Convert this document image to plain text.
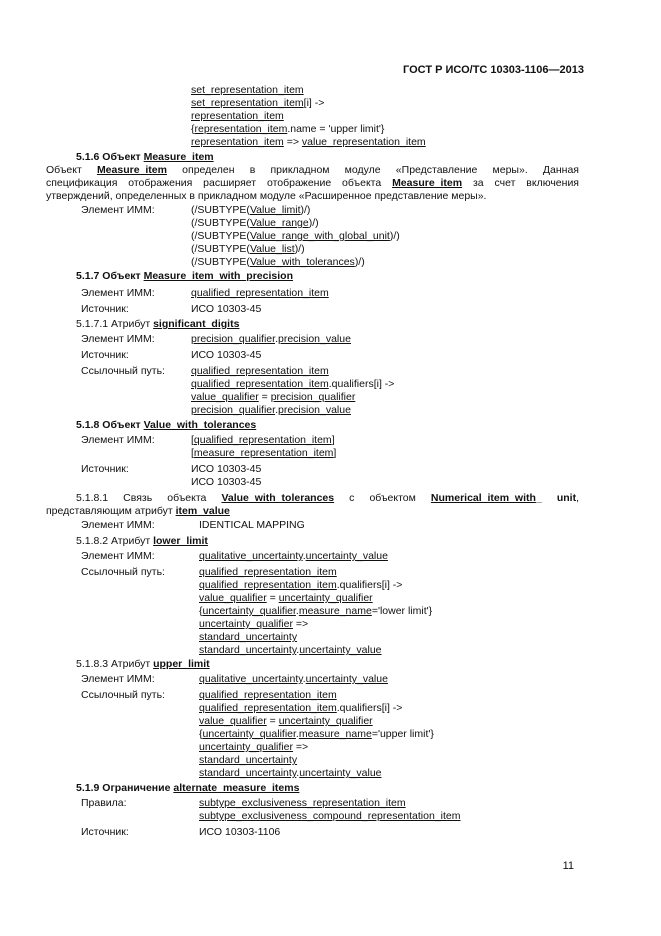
ГОСТ Р ИСО/ТС 10303-1106—2013
set_representation_item
set_representation_item[i] ->
representation_item
{representation_item.name = 'upper limit'}
representation_item => value_representation_item
5.1.6 Объект Measure_item
Объект Measure_item определен в прикладном модуле «Представление меры». Данная
спецификация отображения расширяет отображение объекта Measure_item за счет включения
утверждений, определенных в прикладном модуле «Расширенное представление меры».
Элемент ИММ:	(/SUBTYPE(Value_limit)/)
(/SUBTYPE(Value_range)/)
(/SUBTYPE(Value_range_with_global_unit)/)
(/SUBTYPE(Value_list)/)
(/SUBTYPE(Value_with_tolerances)/)
5.1.7 Объект Measure_item_with_precision
Элемент ИММ:	qualified_representation_item
Источник:	ИСО 10303-45
5.1.7.1 Атрибут significant_digits
Элемент ИММ:	precision_qualifier.precision_value
Источник:	ИСО 10303-45
Ссылочный путь: qualified_representation_item
qualified_representation_item.qualifiers[i] ->
value_qualifier = precision_qualifier
precision_qualifier.precision_value
5.1.8 Объект Value_with_tolerances
Элемент ИММ:	[qualified_representation_item]
[measure_representation_item]
Источник:	ИСО 10303-45
ИСО 10303-45
5.1.8.1 Связь объекта Value_with_tolerances с объектом Numerical_item_with_ unit,
представляющим атрибут item_value
Элемент ИММ:	IDENTICAL MAPPING
5.1.8.2 Атрибут lower_limit
Элемент ИММ:	qualitative_uncertainty.uncertainty_value
Ссылочный путь:	qualified_representation_item
qualified_representation_item.qualifiers[i] ->
value_qualifier = uncertainty_qualifier
{uncertainty_qualifier.measure_name='lower limit'}
uncertainty_qualifier =>
standard_uncertainty
standard_uncertainty.uncertainty_value
5.1.8.3 Атрибут upper_limit
Элемент ИММ:	qualitative_uncertainty.uncertainty_value
Ссылочный путь:	qualified_representation_item
qualified_representation_item.qualifiers[i] ->
value_qualifier = uncertainty_qualifier
{uncertainty_qualifier.measure_name='upper limit'}
uncertainty_qualifier =>
standard_uncertainty
standard_uncertainty.uncertainty_value
5.1.9 Ограничение alternate_measure_items
Правила:	subtype_exclusiveness_representation_item
subtype_exclusiveness_compound_representation_item
Источник:	ИСО 10303-1106
11
